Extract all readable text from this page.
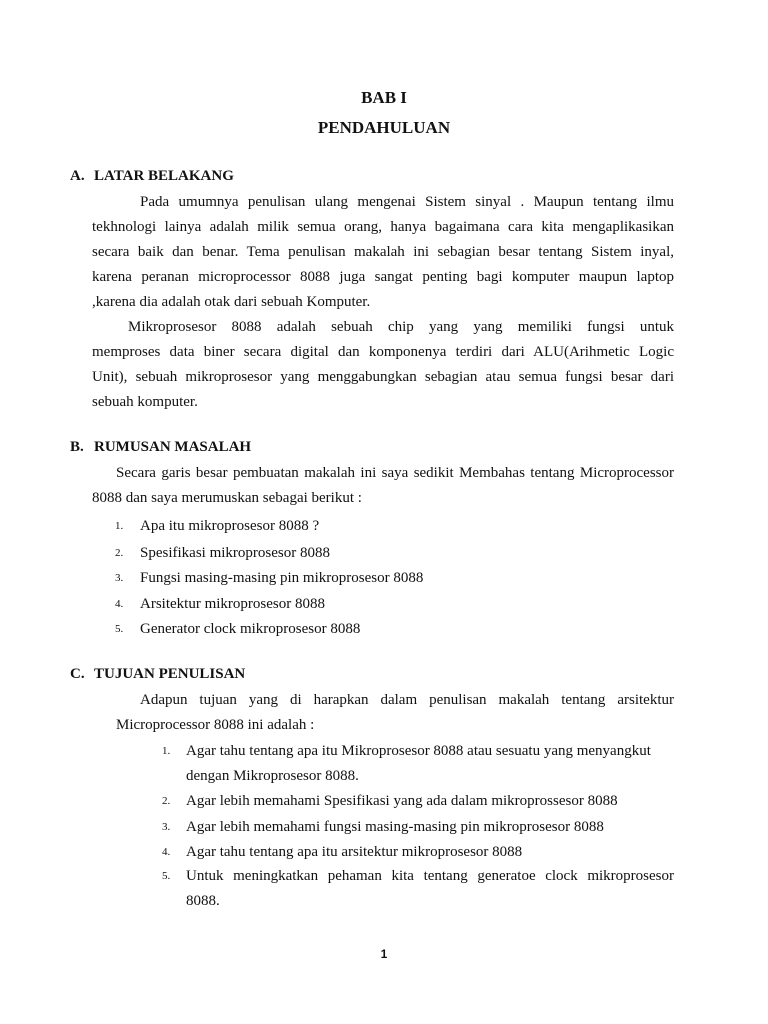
BAB I
PENDAHULUAN
A. LATAR BELAKANG
Pada umumnya penulisan ulang mengenai Sistem sinyal . Maupun tentang ilmu
tekhnologi lainya adalah milik semua orang, hanya bagaimana cara kita mengaplikasikan
secara baik dan benar. Tema penulisan makalah ini sebagian besar tentang Sistem inyal,
karena peranan microprocessor 8088 juga sangat penting bagi komputer maupun laptop
,karena dia adalah otak dari sebuah Komputer.
Mikroprosesor 8088 adalah sebuah chip yang yang memiliki fungsi untuk
memproses data biner secara digital dan komponenya terdiri dari ALU(Arihmetic Logic
Unit), sebuah mikroprosesor yang menggabungkan sebagian atau semua fungsi besar dari
sebuah komputer.
B. RUMUSAN MASALAH
Secara garis besar pembuatan makalah ini saya sedikit Membahas tentang Microprocessor
8088 dan saya merumuskan sebagai berikut :
1. Apa itu mikroprosesor 8088 ?
2. Spesifikasi mikroprosesor 8088
3. Fungsi masing-masing pin mikroprosesor 8088
4. Arsitektur mikroprosesor 8088
5. Generator clock mikroprosesor 8088
C. TUJUAN PENULISAN
Adapun tujuan yang di harapkan dalam penulisan makalah tentang arsitektur
Microprocessor 8088 ini adalah :
1. Agar tahu tentang apa itu Mikroprosesor 8088 atau sesuatu yang menyangkut
dengan Mikroprosesor 8088.
2. Agar lebih memahami Spesifikasi yang ada dalam mikroprossesor 8088
3. Agar lebih memahami fungsi masing-masing pin mikroprosesor 8088
4. Agar tahu tentang apa itu arsitektur mikroprosesor 8088
5. Untuk meningkatkan pehaman kita tentang generatoe clock mikroprosesor
8088.
1
